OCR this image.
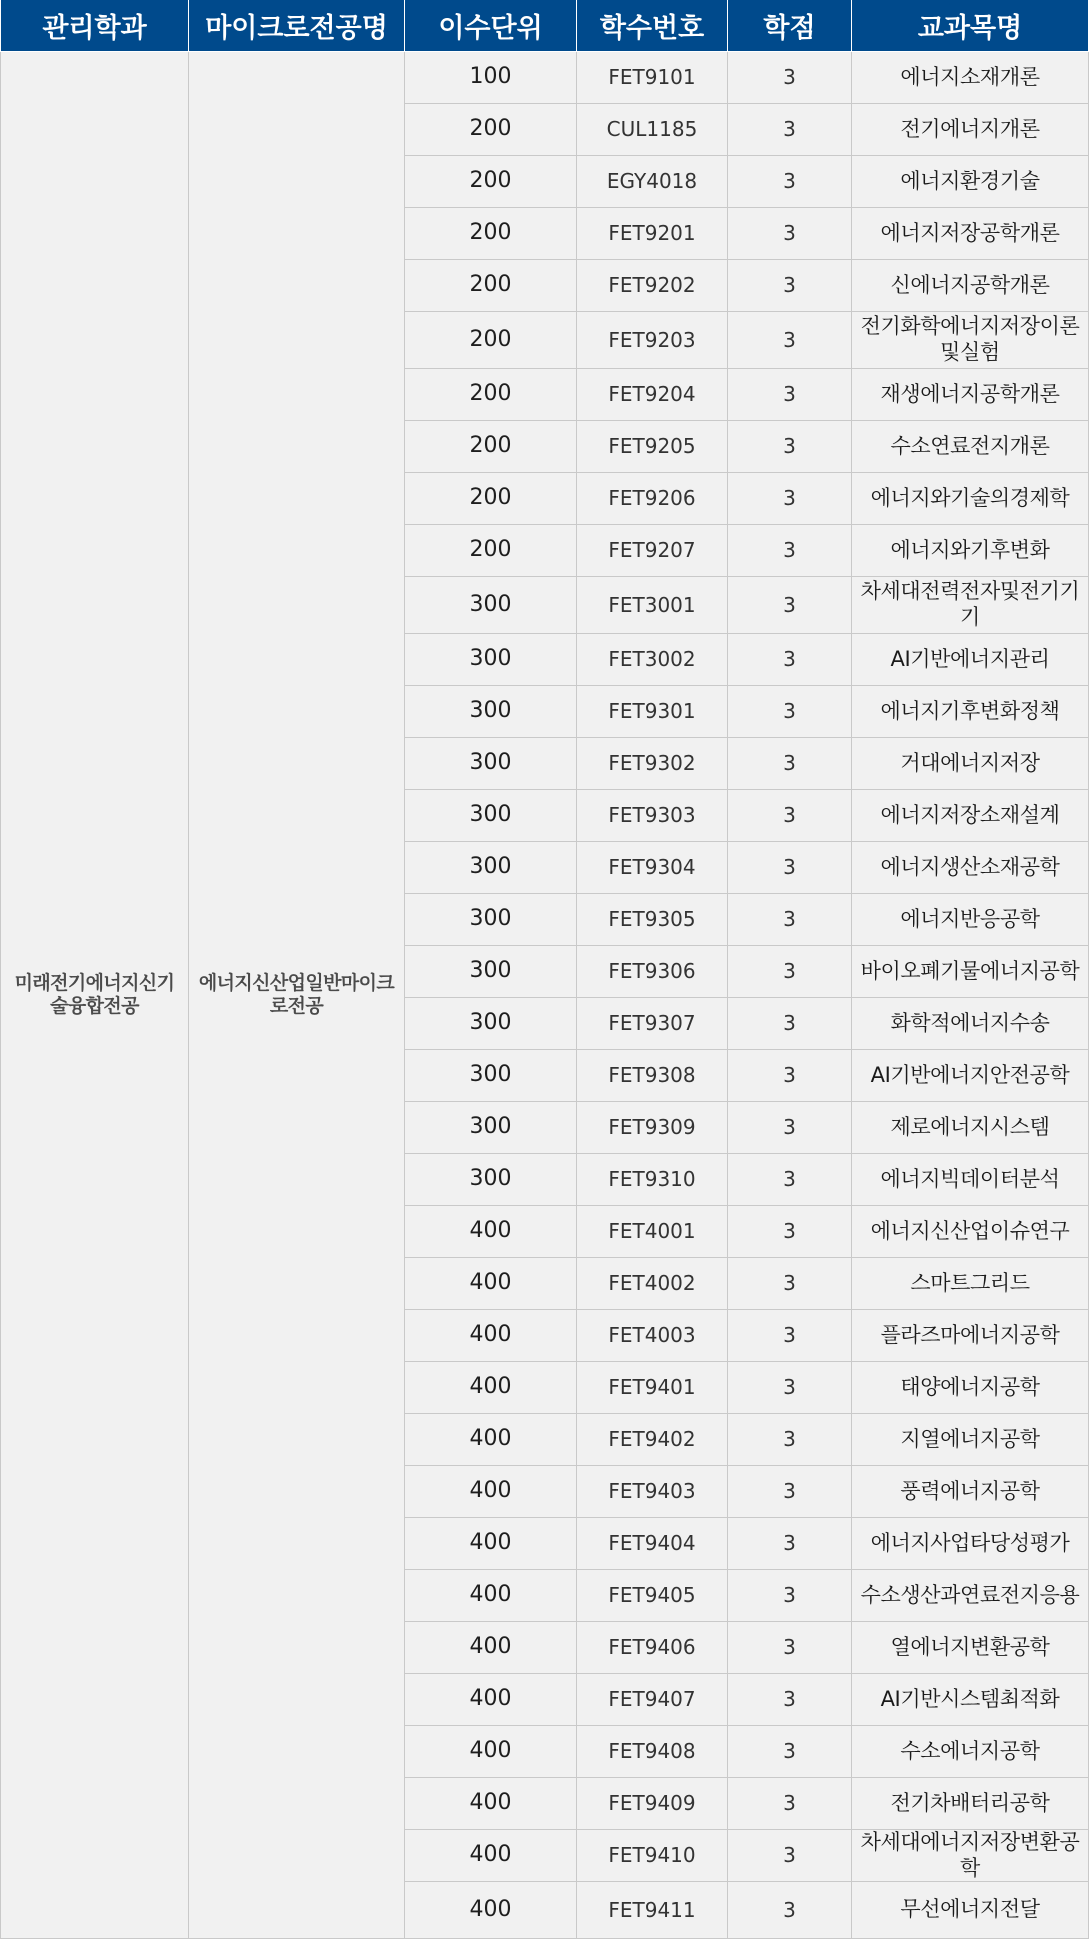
관리학과	마이크로전공명	이수단위	학수번호	학점	교과목명
미래전기에너지신기술융합전공	에너지신산업일반마이크로전공	100	FET9101	3	에너지소재개론
		200	CUL1185	3	전기에너지개론
		200	EGY4018	3	에너지환경기술
		200	FET9201	3	에너지저장공학개론
		200	FET9202	3	신에너지공학개론
		200	FET9203	3	전기화학에너지저장이론및실험
		200	FET9204	3	재생에너지공학개론
		200	FET9205	3	수소연료전지개론
		200	FET9206	3	에너지와기술의경제학
		200	FET9207	3	에너지와기후변화
		300	FET3001	3	차세대전력전자및전기기기
		300	FET3002	3	AI기반에너지관리
		300	FET9301	3	에너지기후변화정책
		300	FET9302	3	거대에너지저장
		300	FET9303	3	에너지저장소재설계
		300	FET9304	3	에너지생산소재공학
		300	FET9305	3	에너지반응공학
		300	FET9306	3	바이오폐기물에너지공학
		300	FET9307	3	화학적에너지수송
		300	FET9308	3	AI기반에너지안전공학
		300	FET9309	3	제로에너지시스템
		300	FET9310	3	에너지빅데이터분석
		400	FET4001	3	에너지신산업이슈연구
		400	FET4002	3	스마트그리드
		400	FET4003	3	플라즈마에너지공학
		400	FET9401	3	태양에너지공학
		400	FET9402	3	지열에너지공학
		400	FET9403	3	풍력에너지공학
		400	FET9404	3	에너지사업타당성평가
		400	FET9405	3	수소생산과연료전지응용
		400	FET9406	3	열에너지변환공학
		400	FET9407	3	AI기반시스템최적화
		400	FET9408	3	수소에너지공학
		400	FET9409	3	전기차배터리공학
		400	FET9410	3	차세대에너지저장변환공학
		400	FET9411	3	무선에너지전달
